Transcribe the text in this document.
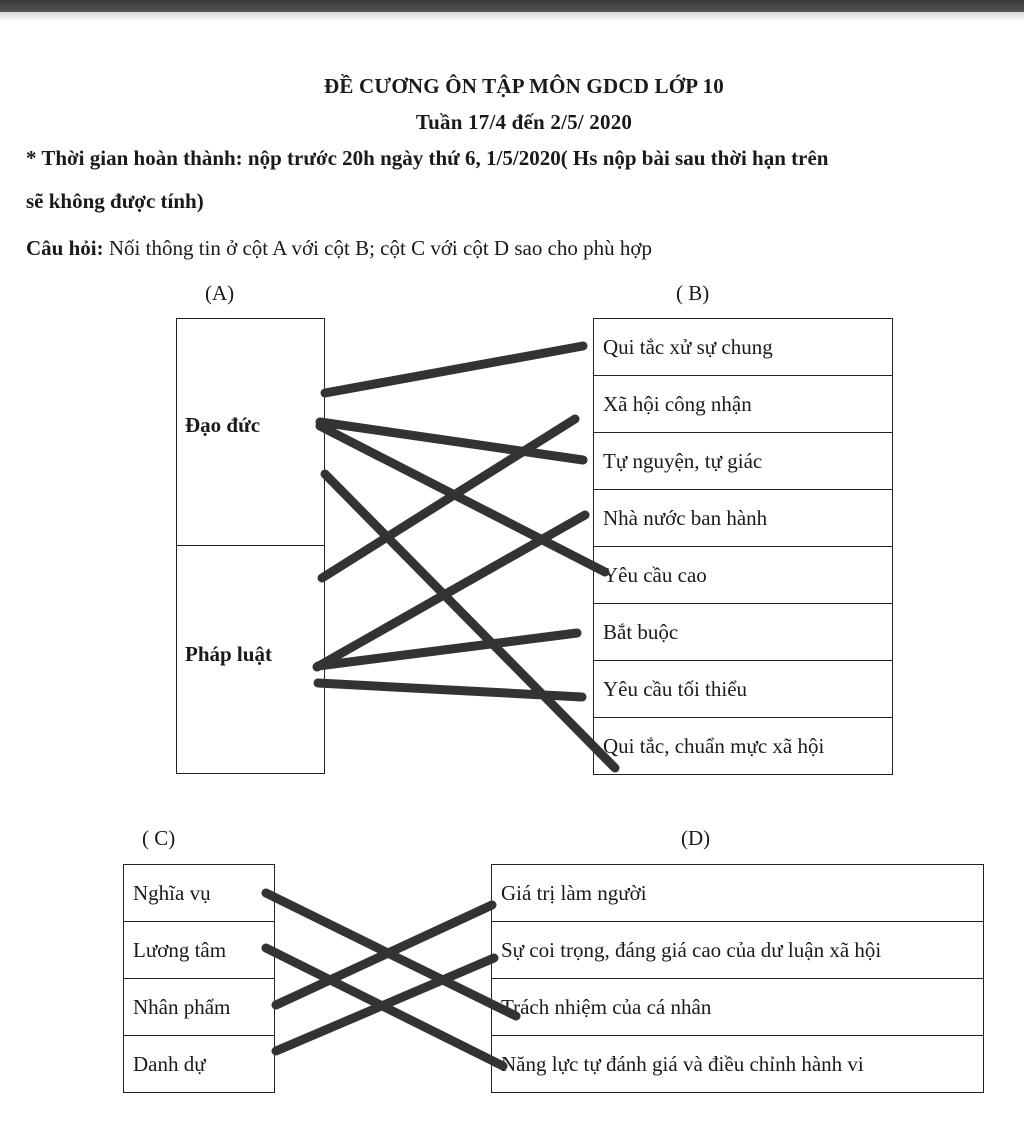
ĐỀ CƯƠNG ÔN TẬP MÔN GDCD LỚP 10
Tuần 17/4 đến 2/5/ 2020
* Thời gian hoàn thành: nộp trước 20h ngày thứ 6, 1/5/2020( Hs nộp bài sau thời hạn trên
sẽ không được tính)
Câu hỏi: Nối thông tin ở cột A với cột B; cột C với cột D sao cho phù hợp
(A)	( B)
Đạo đức
Pháp luật
Qui tắc xử sự chung
Xã hội công nhận
Tự nguyện, tự giác
Nhà nước ban hành
Yêu cầu cao
Bắt buộc
Yêu cầu tối thiểu
Qui tắc, chuẩn mực xã hội
( C)	(D)
Nghĩa vụ
Lương tâm
Nhân phẩm
Danh dự
Giá trị làm người
Sự coi trọng, đáng giá cao của dư luận xã hội
Trách nhiệm của cá nhân
Năng lực tự đánh giá và điều chỉnh hành vi
